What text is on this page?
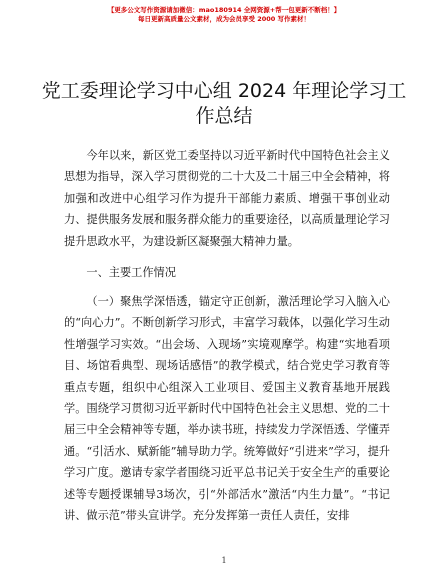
【更多公文写作资源请加微信：mao180914 全网资源+帮一包更新不断档！】
每日更新高质量公文素材，成为会员享受 2000 写作素材！
党工委理论学习中心组 2024 年理论学习工作总结
今年以来，新区党工委坚持以习近平新时代中国特色社会主义思想为指导，深入学习贯彻党的二十大及二十届三中全会精神，将加强和改进中心组学习作为提升干部能力素质、增强干事创业动力、提供服务发展和服务群众能力的重要途径，以高质量理论学习提升思政水平，为建设新区凝聚强大精神力量。
一、主要工作情况
（一）聚焦学深悟透，锚定守正创新，激活理论学习入脑入心的“向心力”。不断创新学习形式，丰富学习载体，以强化学习生动性增强学习实效。“出会场、入现场”实境观摩学。构建“实地看项目、场馆看典型、现场话感悟”的教学模式，结合党史学习教育等重点专题，组织中心组深入工业项目、爱国主义教育基地开展践学。围绕学习贯彻习近平新时代中国特色社会主义思想、党的二十届三中全会精神等专题，举办读书班，持续发力学深悟透、学懂弄通。“引活水、赋新能”辅导助力学。统筹做好“引进来”学习，提升学习广度。邀请专家学者围绕习近平总书记关于安全生产的重要论述等专题授课辅导3场次，引“外部活水”激活“内生力量”。“书记讲、做示范”带头宣讲学。充分发挥第一责任人责任，安排
1
